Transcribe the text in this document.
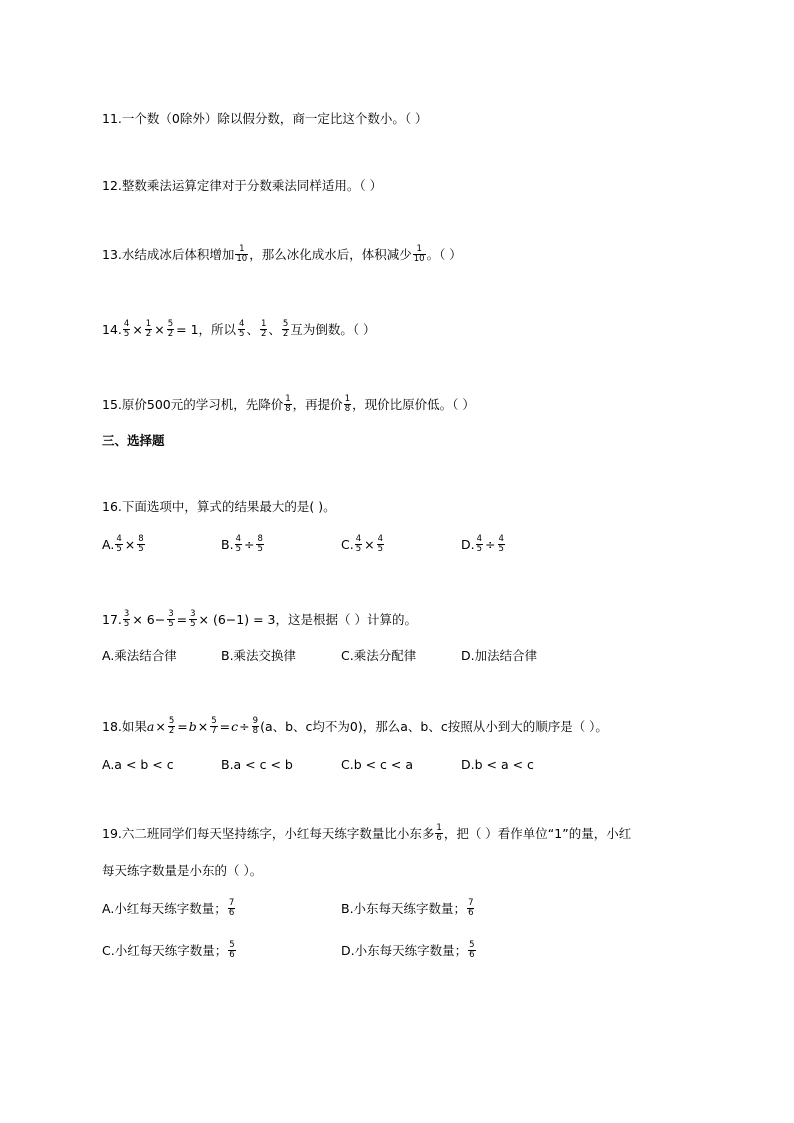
11.一个数（0除外）除以假分数，商一定比这个数小。（ ）
12.整数乘法运算定律对于分数乘法同样适用。（ ）
13.水结成冰后体积增加 $\frac{1}{10}$ ，那么冰化成水后，体积减少 $\frac{1}{10}$ 。（ ）
14. $\frac{4}{5} \times \frac{1}{2} \times \frac{5}{2} = 1$，所以 $\frac{4}{5}$ 、 $\frac{1}{2}$ 、 $\frac{5}{2}$ 互为倒数。（ ）
15.原价500元的学习机，先降价 $\frac{1}{8}$ ，再提价 $\frac{1}{8}$ ，现价比原价低。（ ）
三、选择题
16.下面选项中，算式的结果最大的是( )。
A. $\frac{4}{5} \times \frac{8}{5}$	B. $\frac{4}{5} \div \frac{8}{5}$	C. $\frac{4}{5} \times \frac{4}{5}$	D. $\frac{4}{5} \div \frac{4}{5}$
17. $\frac{3}{5} \times 6- \frac{3}{5} = \frac{3}{5} \times (6-1) = 3$，这是根据（ ）计算的。
A.乘法结合律	B.乘法交换律	C.乘法分配律	D.加法结合律
18.如果$a\times \frac{5}{2} =b\times \frac{5}{7} =c\div \frac{9}{8} (a$、b、c均不为0)，那么a、b、c按照从小到大的顺序是（ ）。
A.a < b < c	B.a < c < b	C.b < c < a	D.b < a < c
19.六二班同学们每天坚持练字，小红每天练字数量比小东多 $\frac{1}{6}$ ，把（ ）看作单位“1”的量，小红
每天练字数量是小东的（ ）。
A.小红每天练字数量； $\frac{7}{6}$	B.小东每天练字数量； $\frac{7}{6}$
C.小红每天练字数量； $\frac{5}{6}$	D.小东每天练字数量； $\frac{5}{6}$
